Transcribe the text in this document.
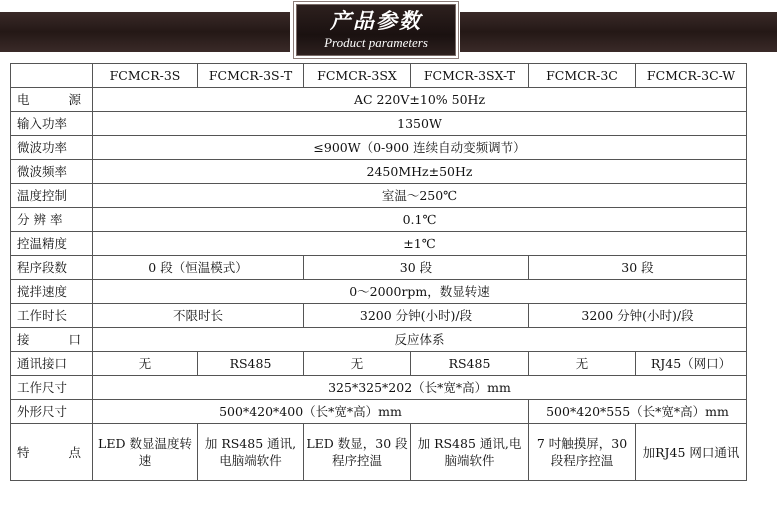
产品参数
Product parameters
	FCMCR-3S	FCMCR-3S-T	FCMCR-3SX	FCMCR-3SX-T	FCMCR-3C	FCMCR-3C-W

电　源	AC 220V±10% 50Hz					
输入功率	1350W					
微波功率	≤900W（0-900 连续自动变频调节）					
微波频率	2450MHz±50Hz					
温度控制	室温～250℃					
分 辨 率	0.1℃					
控温精度	±1℃					
程序段数	0 段（恒温模式）		30 段		30 段	
搅拌速度	0～2000rpm，数显转速					
工作时长	不限时长		3200 分钟(小时)/段		3200 分钟(小时)/段	

接　口	反应体系					
通讯接口	无	RS485	无	RS485	无	RJ45（网口）
工作尺寸	325*325*202（长*宽*高）mm					
外形尺寸	500*420*400（长*宽*高）mm				500*420*555（长*宽*高）mm	

特　点	LED 数显温度转速	加 RS485 通讯,电脑端软件	LED 数显，30 段程序控温	加 RS485 通讯,电脑端软件	7 吋触摸屏，30 段程序控温	加RJ45 网口通讯
